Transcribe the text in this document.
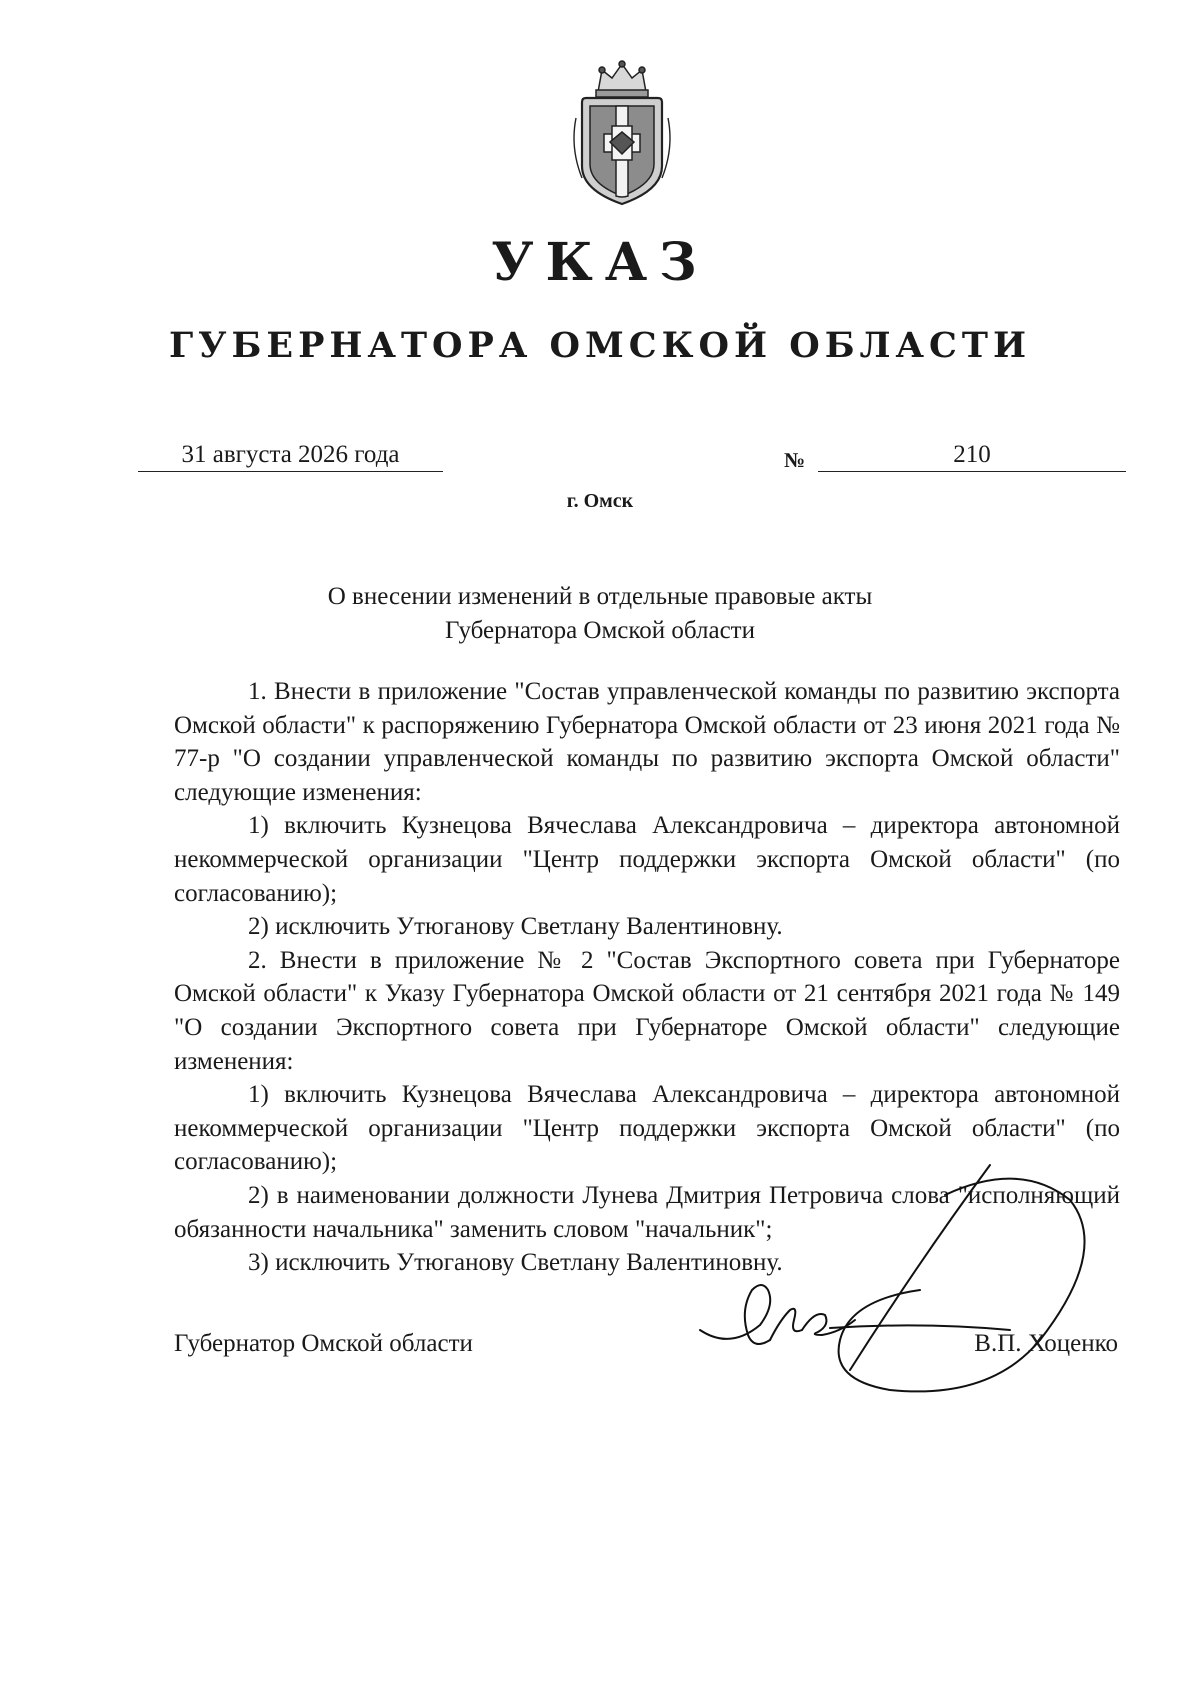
УКАЗ
ГУБЕРНАТОРА ОМСКОЙ ОБЛАСТИ
31 августа 2026 года	№	210
г. Омск
О внесении изменений в отдельные правовые акты
Губернатора Омской области

1. Внести в приложение "Состав управленческой команды по развитию экспорта Омской области" к распоряжению Губернатора Омской области от 23 июня 2021 года № 77-р "О создании управленческой команды по развитию экспорта Омской области" следующие изменения:

1) включить Кузнецова Вячеслава Александровича – директора автономной некоммерческой организации "Центр поддержки экспорта Омской области" (по согласованию);

2) исключить Утюганову Светлану Валентиновну.

2. Внести в приложение № 2 "Состав Экспортного совета при Губернаторе Омской области" к Указу Губернатора Омской области от 21 сентября 2021 года № 149 "О создании Экспортного совета при Губернаторе Омской области" следующие изменения:

1) включить Кузнецова Вячеслава Александровича – директора автономной некоммерческой организации "Центр поддержки экспорта Омской области" (по согласованию);

2) в наименовании должности Лунева Дмитрия Петровича слова "исполняющий обязанности начальника" заменить словом "начальник";

3) исключить Утюганову Светлану Валентиновну.

Губернатор Омской области	В.П. Хоценко
